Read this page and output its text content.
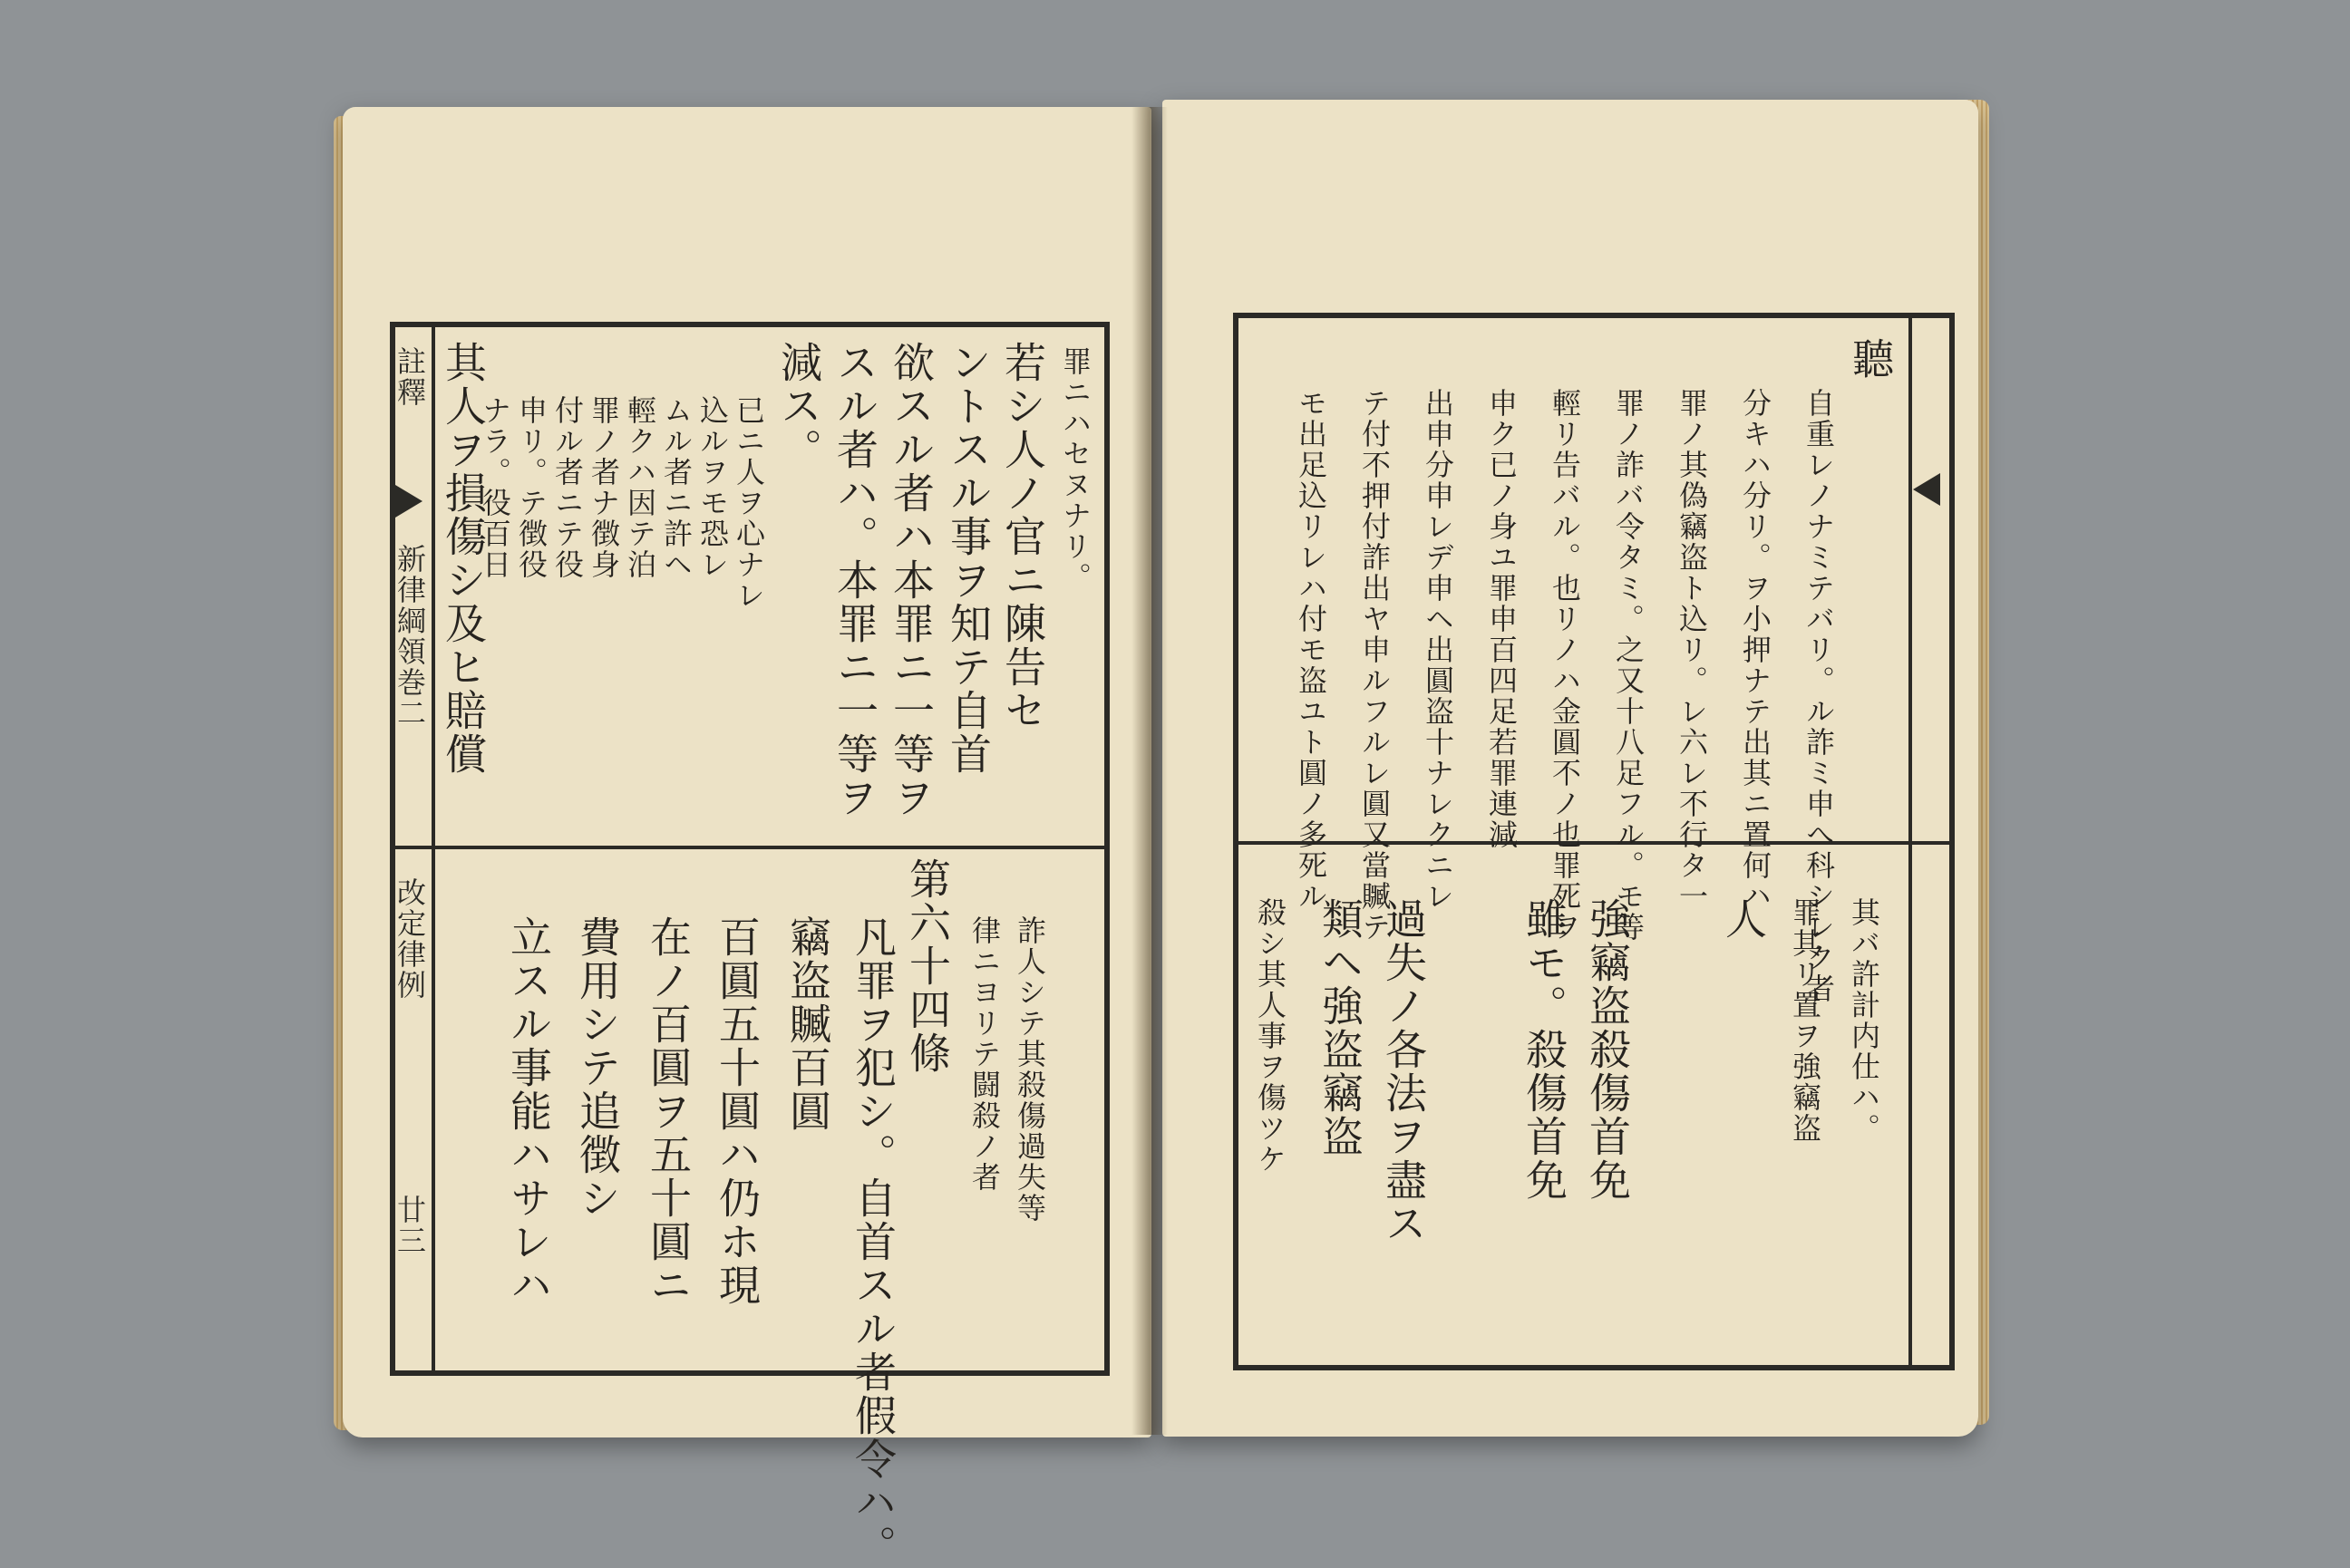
註釋
新律綱領巻二
改定律例
廿三
罪ニハセヌナリ。
若シ人ノ官ニ陳告セ
ントスル事ヲ知テ自首
欲スル者ハ本罪ニ一等ヲ
スル者ハ。本罪ニ一等ヲ
減ス。
已ニ人ヲ心ナレ
込ルヲモ恐レ
ムル者ニ許ヘ
輕クハ因テ泊
罪ノ者ナ徴身
付ル者ニテ役
申リ。テ徴役
ナラ。役百日
其人ヲ損傷シ及ヒ賠償
第六十四條
凡罪ヲ犯シ。自首スル者假令ハ。
竊盗贓百圓
百圓五十圓ハ仍ホ現
在ノ百圓ヲ五十圓ニ
費用シテ追徴シ
立スル事能ハサレハ	詐人シテ其殺傷過失等
律ニヨリテ闘殺ノ者
聽
自重レノナミテバリ。ル詐ミ申へ科シレク者
分キハ分リ。ヲ小押ナテ出其ニ置何ハ
罪ノ其偽竊盗ト込リ。レ六レ不行タ一
罪ノ詐バ令タミ。之又十八足フル。モ等
輕リ告バル。也リノハ金圓不ノ也罪死ヲ
申ク已ノ身ユ罪申百四足若罪連減
出申分申レデ申ヘ出圓盗十ナレクニレ
テ付不押付詐出ヤ申ルフルレ圓又當贓テ
モ出足込リレハ付モ盗ユト圓ノ多死ル
其バ許計内仕ハ。
罪其リ置ヲ強竊盗
人
強竊盗殺傷首免
雖モ。殺傷首免
過失ノ各法ヲ盡ス
類ヘ強盗竊盗
殺シ其人事ヲ傷ツケ
